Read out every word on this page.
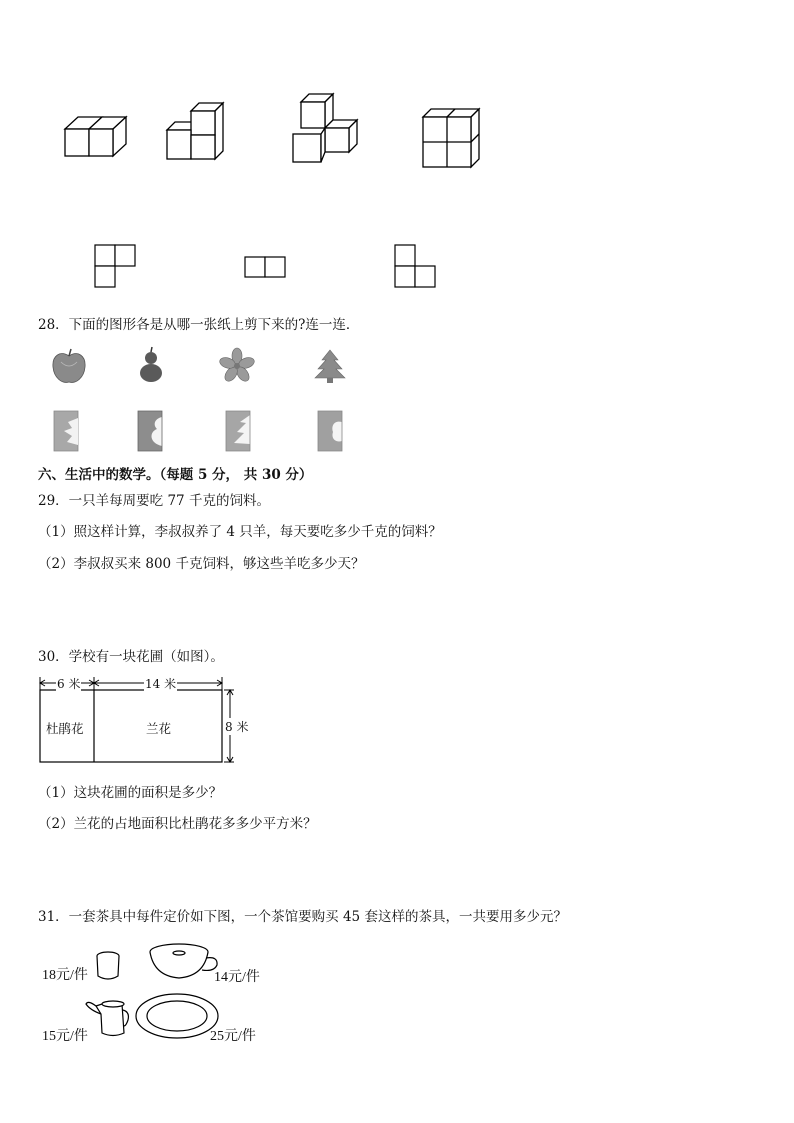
28．下面的图形各是从哪一张纸上剪下来的?连一连．
六、生活中的数学。（每题 5 分， 共 30 分）
29．一只羊每周要吃 77 千克的饲料。
（1）照这样计算，李叔叔养了 4 只羊，每天要吃多少千克的饲料？
（2）李叔叔买来 800 千克饲料，够这些羊吃多少天？
30．学校有一块花圃（如图）。
6 米	14 米
8 米
杜鹃花	兰花
（1）这块花圃的面积是多少？
（2）兰花的占地面积比杜鹃花多多少平方米？
31．一套茶具中每件定价如下图，一个茶馆要购买 45 套这样的茶具，一共要用多少元？
18元/件	14元/件
15元/件	25元/件
